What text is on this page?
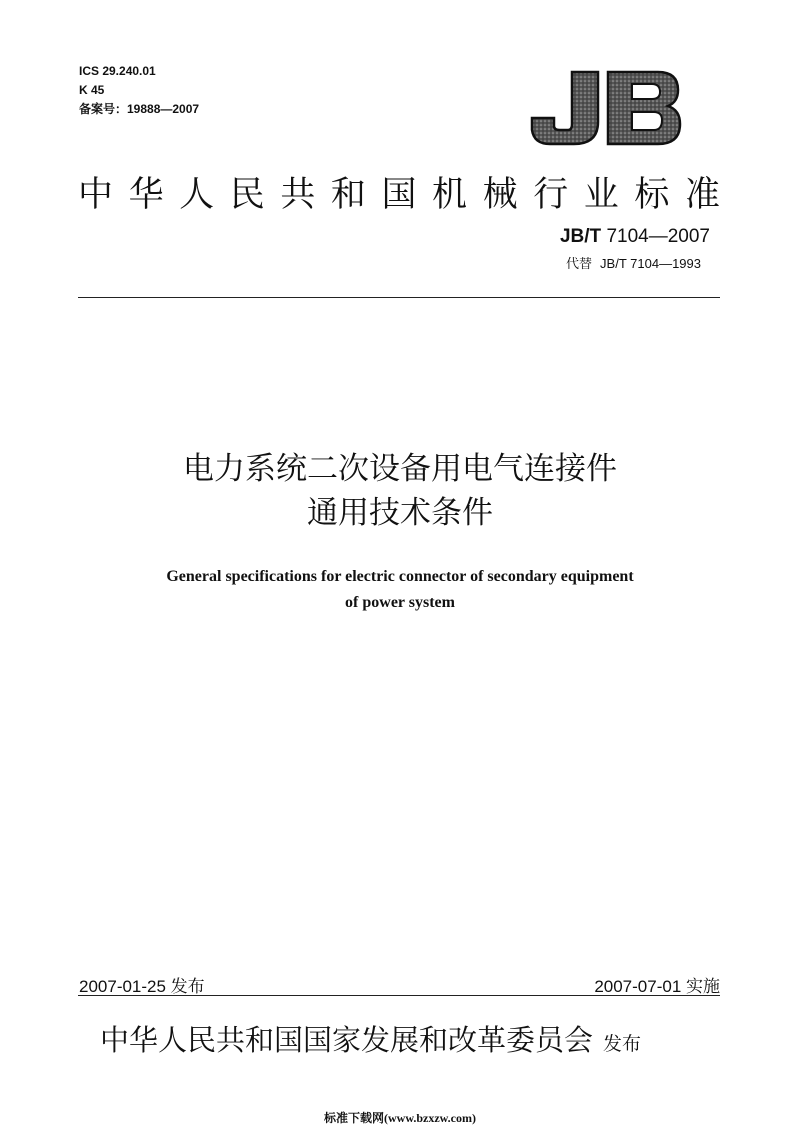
ICS 29.240.01
K 45
备案号：19888—2007
中 华 人 民 共 和 国 机 械 行 业 标 准
JB/T 7104—2007
代替 JB/T 7104—1993
电力系统二次设备用电气连接件
通用技术条件
General specifications for electric connector of secondary equipment
of power system
2007-01-25 发布	2007-07-01 实施
中华人民共和国国家发展和改革委员会 发布
标准下载网(www.bzxzw.com)
